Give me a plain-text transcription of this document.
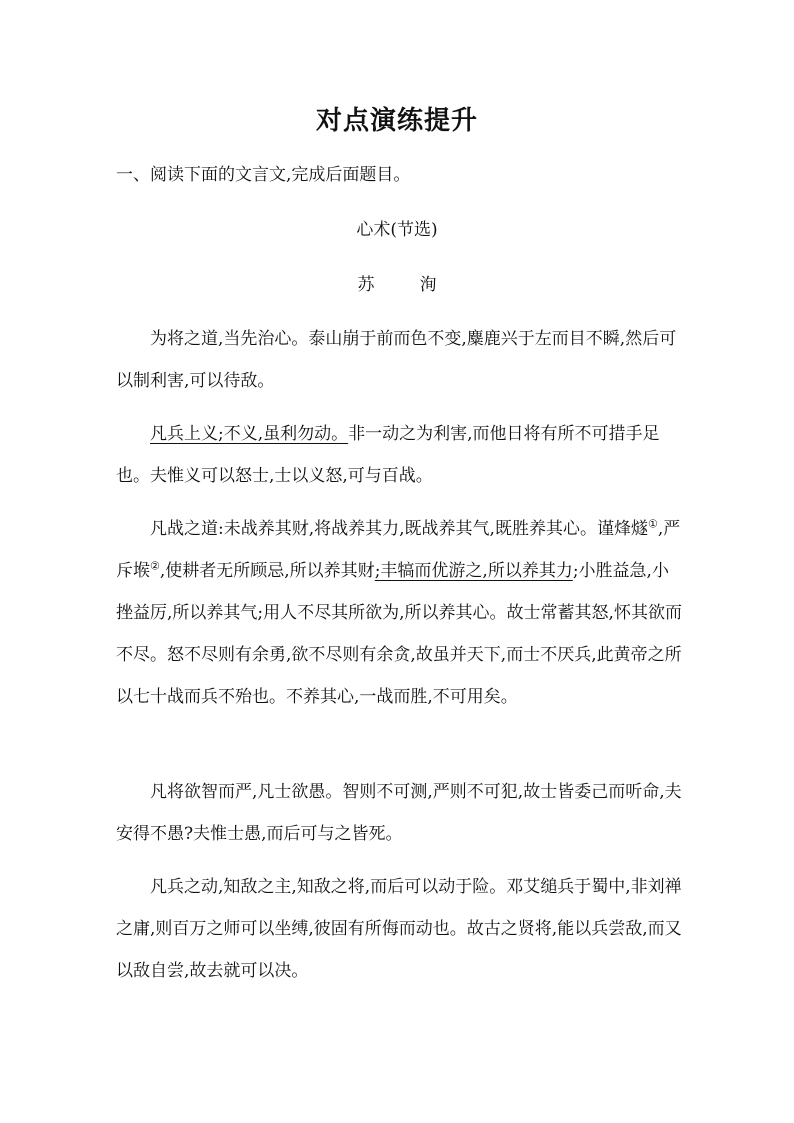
对点演练提升
一、阅读下面的文言文,完成后面题目。
心术(节选)
苏　洵

为将之道,当先治心。泰山崩于前而色不变,麋鹿兴于左而目不瞬,然后可以制利害,可以待敌。

凡兵上义;不义,虽利勿动。非一动之为利害,而他日将有所不可措手足也。夫惟义可以怒士,士以义怒,可与百战。

凡战之道:未战养其财,将战养其力,既战养其气,既胜养其心。谨烽燧①,严斥堠②,使耕者无所顾忌,所以养其财;丰犒而优游之,所以养其力;小胜益急,小挫益厉,所以养其气;用人不尽其所欲为,所以养其心。故士常蓄其怒,怀其欲而不尽。怒不尽则有余勇,欲不尽则有余贪,故虽并天下,而士不厌兵,此黄帝之所以七十战而兵不殆也。不养其心,一战而胜,不可用矣。

凡将欲智而严,凡士欲愚。智则不可测,严则不可犯,故士皆委己而听命,夫安得不愚?夫惟士愚,而后可与之皆死。

凡兵之动,知敌之主,知敌之将,而后可以动于险。邓艾缒兵于蜀中,非刘禅之庸,则百万之师可以坐缚,彼固有所侮而动也。故古之贤将,能以兵尝敌,而又以敌自尝,故去就可以决。
